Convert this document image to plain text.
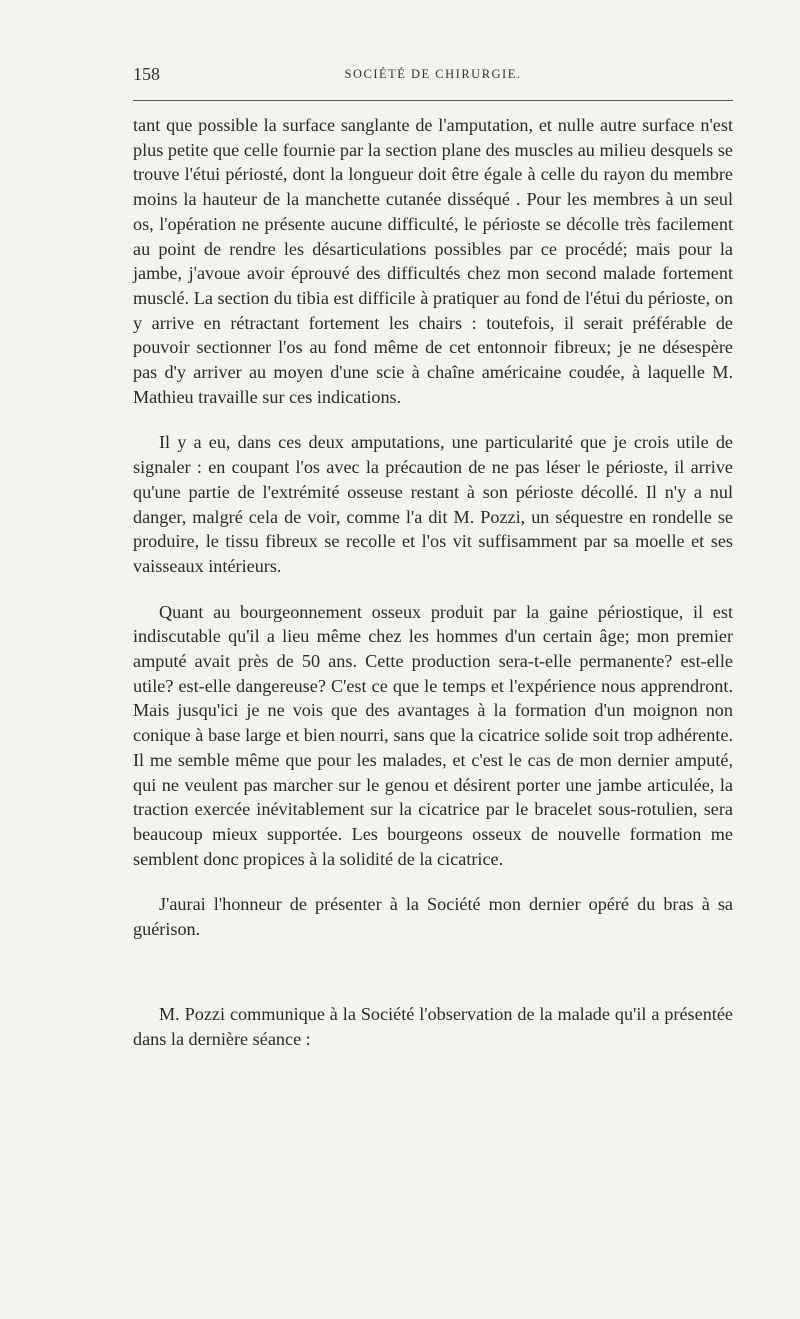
158	SOCIÉTÉ DE CHIRURGIE.

tant que possible la surface sanglante de l'amputation, et nulle autre surface n'est plus petite que celle fournie par la section plane des muscles au milieu desquels se trouve l'étui périosté, dont la longueur doit être égale à celle du rayon du membre moins la hauteur de la manchette cutanée disséqué . Pour les membres à un seul os, l'opération ne présente aucune difficulté, le périoste se décolle très facilement au point de rendre les désarticulations possibles par ce procédé; mais pour la jambe, j'avoue avoir éprouvé des difficultés chez mon second malade fortement musclé. La section du tibia est difficile à pratiquer au fond de l'étui du périoste, on y arrive en rétractant fortement les chairs : toutefois, il serait préférable de pouvoir sectionner l'os au fond même de cet entonnoir fibreux; je ne désespère pas d'y arriver au moyen d'une scie à chaîne américaine coudée, à laquelle M. Mathieu travaille sur ces indications.

Il y a eu, dans ces deux amputations, une particularité que je crois utile de signaler : en coupant l'os avec la précaution de ne pas léser le périoste, il arrive qu'une partie de l'extrémité osseuse restant à son périoste décollé. Il n'y a nul danger, malgré cela de voir, comme l'a dit M. Pozzi, un séquestre en rondelle se produire, le tissu fibreux se recolle et l'os vit suffisamment par sa moelle et ses vaisseaux intérieurs.

Quant au bourgeonnement osseux produit par la gaine périostique, il est indiscutable qu'il a lieu même chez les hommes d'un certain âge; mon premier amputé avait près de 50 ans. Cette production sera-t-elle permanente? est-elle utile? est-elle dangereuse? C'est ce que le temps et l'expérience nous apprendront. Mais jusqu'ici je ne vois que des avantages à la formation d'un moignon non conique à base large et bien nourri, sans que la cicatrice solide soit trop adhérente. Il me semble même que pour les malades, et c'est le cas de mon dernier amputé, qui ne veulent pas marcher sur le genou et désirent porter une jambe articulée, la traction exercée inévitablement sur la cicatrice par le bracelet sous-rotulien, sera beaucoup mieux supportée. Les bourgeons osseux de nouvelle formation me semblent donc propices à la solidité de la cicatrice.

J'aurai l'honneur de présenter à la Société mon dernier opéré du bras à sa guérison.

M. Pozzi communique à la Société l'observation de la malade qu'il a présentée dans la dernière séance :
